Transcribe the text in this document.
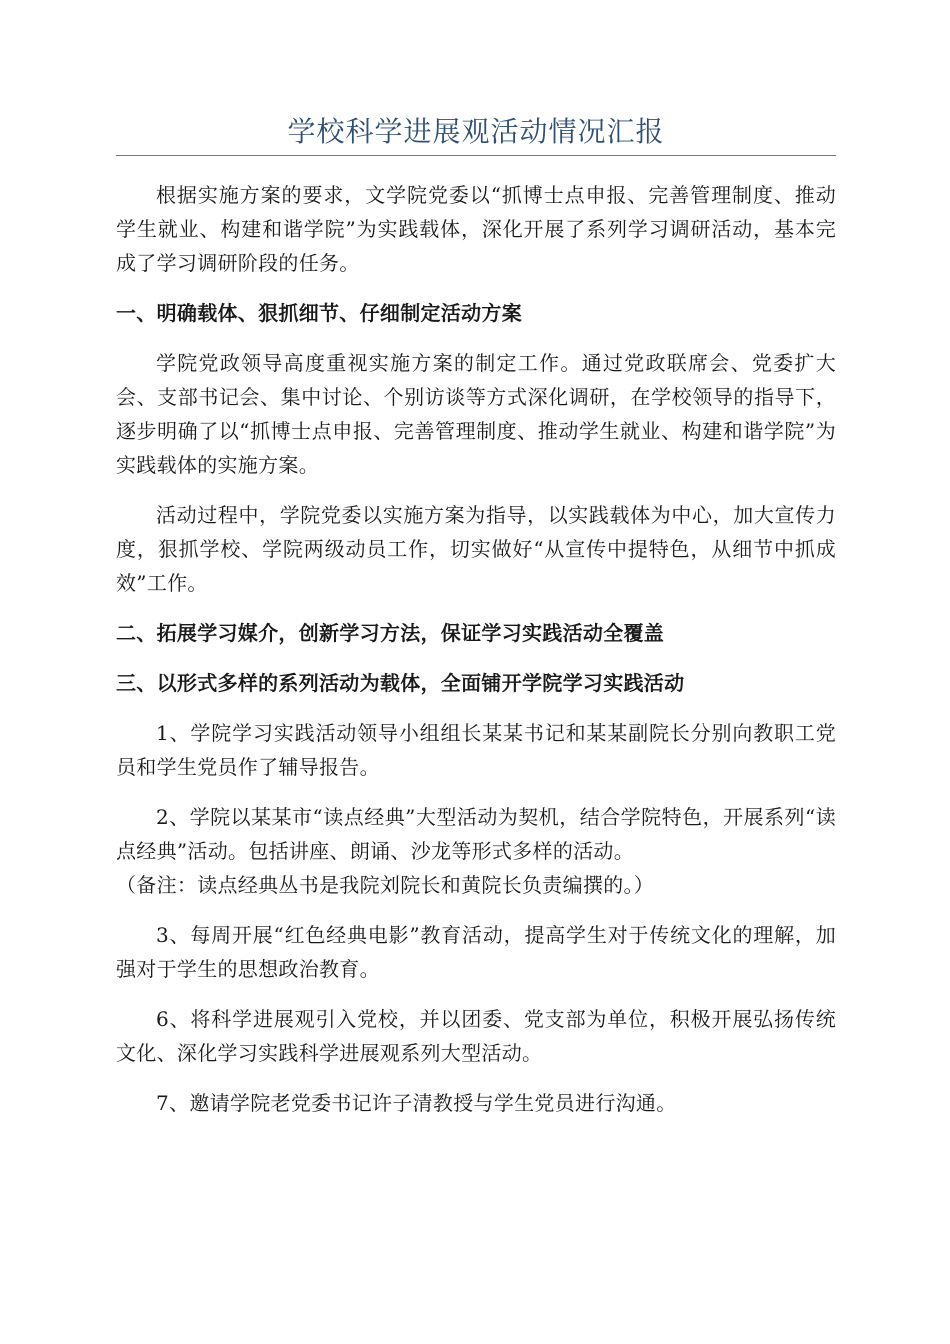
学校科学进展观活动情况汇报

根据实施方案的要求，文学院党委以“抓博士点申报、完善管理制度、推动学生就业、构建和谐学院”为实践载体，深化开展了系列学习调研活动，基本完成了学习调研阶段的任务。

一、明确载体、狠抓细节、仔细制定活动方案

学院党政领导高度重视实施方案的制定工作。通过党政联席会、党委扩大会、支部书记会、集中讨论、个别访谈等方式深化调研，在学校领导的指导下，逐步明确了以“抓博士点申报、完善管理制度、推动学生就业、构建和谐学院”为实践载体的实施方案。

活动过程中，学院党委以实施方案为指导，以实践载体为中心，加大宣传力度，狠抓学校、学院两级动员工作，切实做好“从宣传中提特色，从细节中抓成效”工作。

二、拓展学习媒介，创新学习方法，保证学习实践活动全覆盖
三、以形式多样的系列活动为载体，全面铺开学院学习实践活动

1、学院学习实践活动领导小组组长某某书记和某某副院长分别向教职工党员和学生党员作了辅导报告。

2、学院以某某市“读点经典”大型活动为契机，结合学院特色，开展系列“读点经典”活动。包括讲座、朗诵、沙龙等形式多样的活动。

（备注：读点经典丛书是我院刘院长和黄院长负责编撰的。）

3、每周开展“红色经典电影”教育活动，提高学生对于传统文化的理解，加强对于学生的思想政治教育。

6、将科学进展观引入党校，并以团委、党支部为单位，积极开展弘扬传统文化、深化学习实践科学进展观系列大型活动。

7、邀请学院老党委书记许子清教授与学生党员进行沟通。
